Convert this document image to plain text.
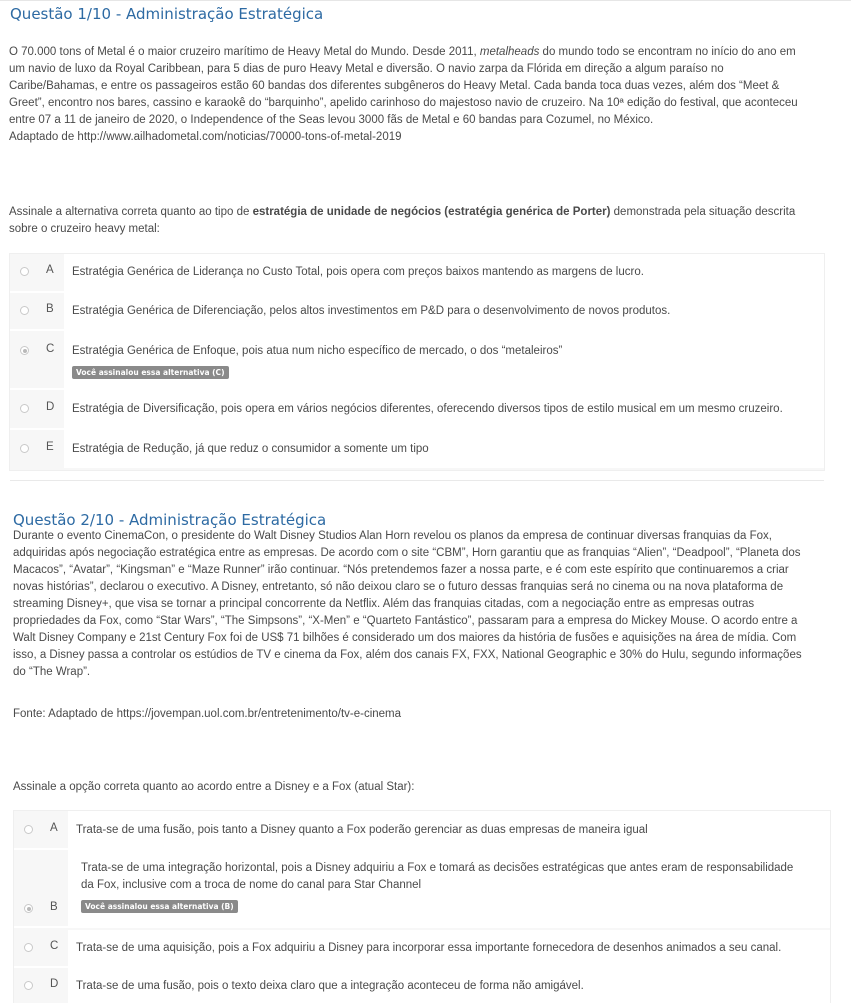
Questão 1/10 - Administração Estratégica
O 70.000 tons of Metal é o maior cruzeiro marítimo de Heavy Metal do Mundo. Desde 2011, metalheads do mundo todo se encontram no início do ano em
um navio de luxo da Royal Caribbean, para 5 dias de puro Heavy Metal e diversão. O navio zarpa da Flórida em direção a algum paraíso no
Caribe/Bahamas, e entre os passageiros estão 60 bandas dos diferentes subgêneros do Heavy Metal. Cada banda toca duas vezes, além dos “Meet &
Greet”, encontro nos bares, cassino e karaokê do “barquinho”, apelido carinhoso do majestoso navio de cruzeiro. Na 10ª edição do festival, que aconteceu
entre 07 a 11 de janeiro de 2020, o Independence of the Seas levou 3000 fãs de Metal e 60 bandas para Cozumel, no México.
Adaptado de http://www.ailhadometal.com/noticias/70000-tons-of-metal-2019
Assinale a alternativa correta quanto ao tipo de estratégia de unidade de negócios (estratégia genérica de Porter) demonstrada pela situação descrita
sobre o cruzeiro heavy metal:
A Estratégia Genérica de Liderança no Custo Total, pois opera com preços baixos mantendo as margens de lucro.
B Estratégia Genérica de Diferenciação, pelos altos investimentos em P&D para o desenvolvimento de novos produtos.
C Estratégia Genérica de Enfoque, pois atua num nicho específico de mercado, o dos “metaleiros”
Você assinalou essa alternativa (C)
D Estratégia de Diversificação, pois opera em vários negócios diferentes, oferecendo diversos tipos de estilo musical em um mesmo cruzeiro.
E Estratégia de Redução, já que reduz o consumidor a somente um tipo
Questão 2/10 - Administração Estratégica
Durante o evento CinemaCon, o presidente do Walt Disney Studios Alan Horn revelou os planos da empresa de continuar diversas franquias da Fox,
adquiridas após negociação estratégica entre as empresas. De acordo com o site “CBM”, Horn garantiu que as franquias “Alien”, “Deadpool”, “Planeta dos
Macacos”, “Avatar”, “Kingsman” e “Maze Runner” irão continuar. “Nós pretendemos fazer a nossa parte, e é com este espírito que continuaremos a criar
novas histórias”, declarou o executivo. A Disney, entretanto, só não deixou claro se o futuro dessas franquias será no cinema ou na nova plataforma de
streaming Disney+, que visa se tornar a principal concorrente da Netflix. Além das franquias citadas, com a negociação entre as empresas outras
propriedades da Fox, como “Star Wars”, “The Simpsons”, “X-Men” e “Quarteto Fantástico”, passaram para a empresa do Mickey Mouse. O acordo entre a
Walt Disney Company e 21st Century Fox foi de US$ 71 bilhões é considerado um dos maiores da história de fusões e aquisições na área de mídia. Com
isso, a Disney passa a controlar os estúdios de TV e cinema da Fox, além dos canais FX, FXX, National Geographic e 30% do Hulu, segundo informações
do “The Wrap”.
Fonte: Adaptado de https://jovempan.uol.com.br/entretenimento/tv-e-cinema
Assinale a opção correta quanto ao acordo entre a Disney e a Fox (atual Star):
A Trata-se de uma fusão, pois tanto a Disney quanto a Fox poderão gerenciar as duas empresas de maneira igual
B
C Trata-se de uma aquisição, pois a Fox adquiriu a Disney para incorporar essa importante fornecedora de desenhos animados a seu canal.
D Trata-se de uma fusão, pois o texto deixa claro que a integração aconteceu de forma não amigável.
Trata-se de uma integração horizontal, pois a Disney adquiriu a Fox e tomará as decisões estratégicas que antes eram de responsabilidade
da Fox, inclusive com a troca de nome do canal para Star Channel
Você assinalou essa alternativa (B)
